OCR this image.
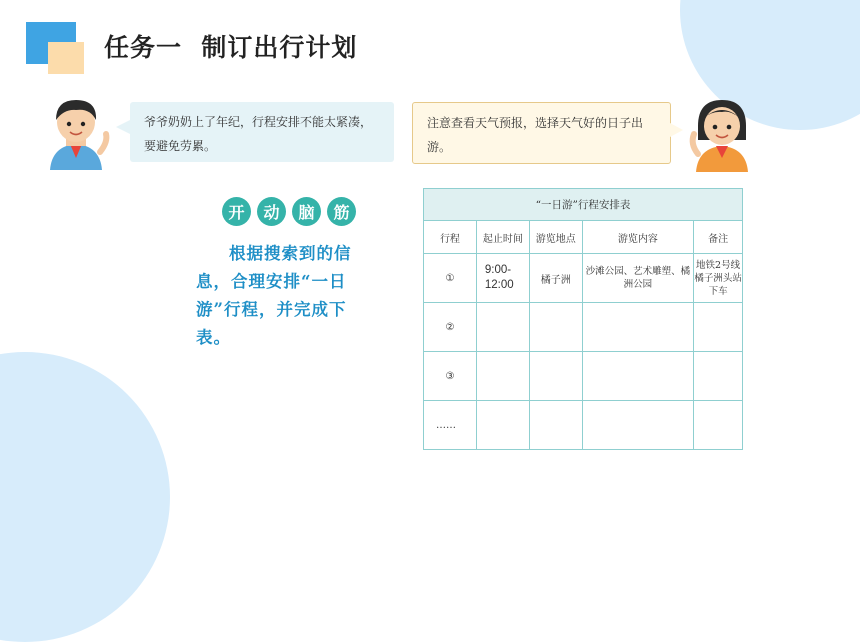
任务一  制订出行计划
爷爷奶奶上了年纪，行程安排不能太紧凑，要避免劳累。
注意查看天气预报，选择天气好的日子出游。
开	动	脑	筋
根据搜索到的信息，合理安排“一日游”行程，并完成下表。
“一日游”行程安排表				
行程	起止时间	游览地点	游览内容	备注
①	9:00-12:00	橘子洲	沙滩公园、艺术雕塑、橘洲公园	地铁2号线橘子洲头站下车
②				
③				
……				
